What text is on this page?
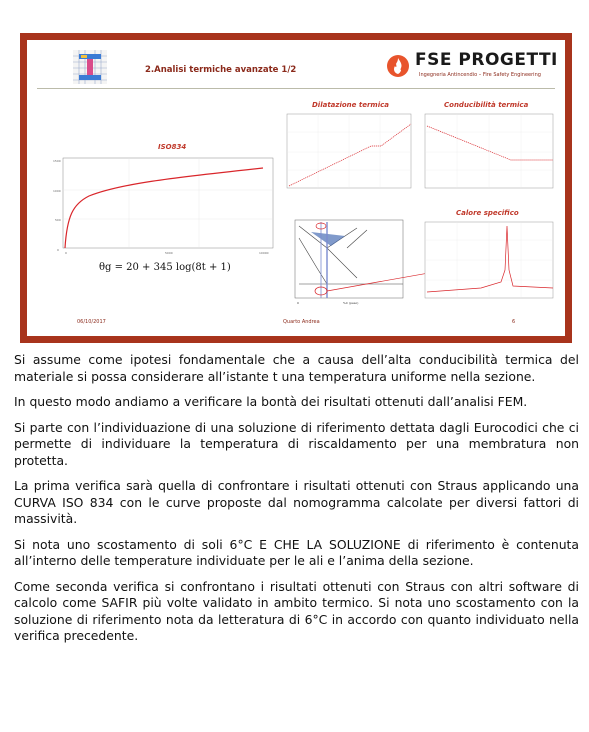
2.Analisi termiche avanzate 1/2	FSE PROGETTI
Ingegneria Antincendio – Fire Safety Engineering
ISO834
1500
1000
500
0
0	5000	10000
θg = 20 + 345 log(8t + 1)
Dilatazione termica	Conducibilità termica
0	%C (peso)
Calore specifico
06/10/2017	Quarto Andrea	6

Si assume come ipotesi fondamentale che a causa dell’alta conducibilità termica del materiale si possa considerare all’istante t una temperatura uniforme nella sezione.

In questo modo andiamo a verificare la bontà dei risultati ottenuti dall’analisi FEM.

Si parte con l’individuazione di una soluzione di riferimento dettata dagli Eurocodici che ci permette di individuare la temperatura di riscaldamento per una membratura non protetta.

La prima verifica sarà quella di confrontare i risultati ottenuti con Straus applicando una CURVA ISO 834 con le curve proposte dal nomogramma calcolate per diversi fattori di massività.

Si nota uno scostamento di soli 6°C E CHE LA SOLUZIONE di riferimento è contenuta all’interno delle temperature individuate per le ali e l’anima della sezione.

Come seconda verifica si confrontano i risultati ottenuti con Straus con altri software di calcolo come SAFIR più volte validato in ambito termico. Si nota uno scostamento con la soluzione di riferimento nota da letteratura di 6°C in accordo con quanto individuato nella verifica precedente.
